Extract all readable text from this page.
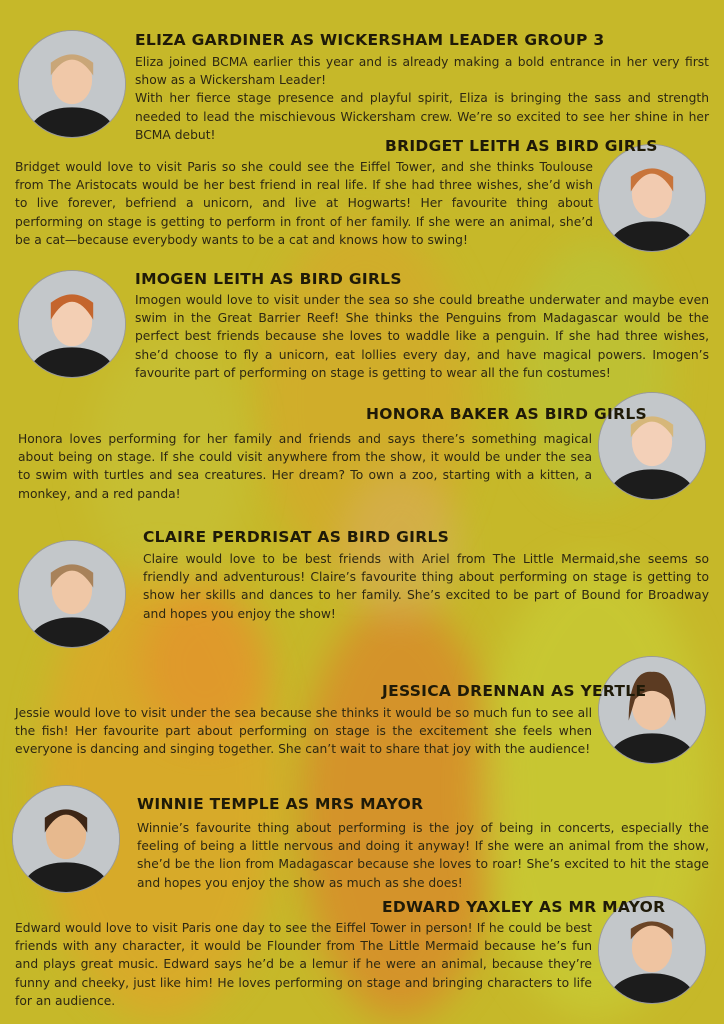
ELIZA GARDINER AS WICKERSHAM LEADER GROUP 3

Eliza joined BCMA earlier this year and is already making a bold entrance in her very first show as a Wickersham Leader!

With her fierce stage presence and playful spirit, Eliza is bringing the sass and strength needed to lead the mischievous Wickersham crew. We’re so excited to see her shine in her BCMA debut!

BRIDGET LEITH AS BIRD GIRLS

Bridget would love to visit Paris so she could see the Eiffel Tower, and she thinks Toulouse from The Aristocats would be her best friend in real life. If she had three wishes, she’d wish to live forever, befriend a unicorn, and live at Hogwarts! Her favourite thing about performing on stage is getting to perform in front of her family. If she were an animal, she’d be a cat—because everybody wants to be a cat and knows how to swing!

IMOGEN LEITH AS BIRD GIRLS

Imogen would love to visit under the sea so she could breathe underwater and maybe even swim in the Great Barrier Reef! She thinks the Penguins from Madagascar would be the perfect best friends because she loves to waddle like a penguin. If she had three wishes, she’d choose to fly a unicorn, eat lollies every day, and have magical powers. Imogen’s favourite part of performing on stage is getting to wear all the fun costumes!

HONORA BAKER AS BIRD GIRLS

Honora loves performing for her family and friends and says there’s something magical about being on stage. If she could visit anywhere from the show, it would be under the sea to swim with turtles and sea creatures. Her dream? To own a zoo, starting with a kitten, a monkey, and a red panda!

CLAIRE PERDRISAT AS BIRD GIRLS

Claire would love to be best friends with Ariel from The Little Mermaid,she seems so friendly and adventurous! Claire’s favourite thing about performing on stage is getting to show her skills and dances to her family. She’s excited to be part of Bound for Broadway and hopes you enjoy the show!

JESSICA DRENNAN AS YERTLE

Jessie would love to visit under the sea because she thinks it would be so much fun to see all the fish! Her favourite part about performing on stage is the excitement she feels when everyone is dancing and singing together. She can’t wait to share that joy with the audience!

WINNIE TEMPLE AS MRS MAYOR

Winnie’s favourite thing about performing is the joy of being in concerts, especially the feeling of being a little nervous and doing it anyway! If she were an animal from the show, she’d be the lion from Madagascar because she loves to roar! She’s excited to hit the stage and hopes you enjoy the show as much as she does!

EDWARD YAXLEY AS MR MAYOR

Edward would love to visit Paris one day to see the Eiffel Tower in person! If he could be best friends with any character, it would be Flounder from The Little Mermaid because he’s fun and plays great music. Edward says he’d be a lemur if he were an animal, because they’re funny and cheeky, just like him! He loves performing on stage and bringing characters to life for an audience.
